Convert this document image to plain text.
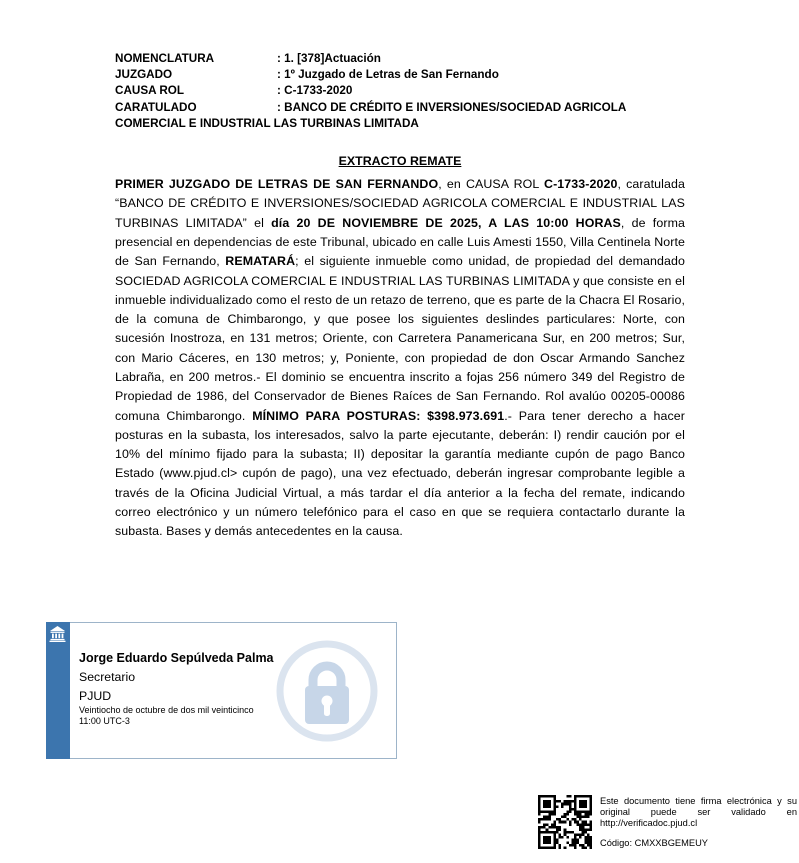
NOMENCLATURA	: 1. [378]Actuación
JUZGADO	: 1º Juzgado de Letras de San Fernando
CAUSA ROL	: C-1733-2020
CARATULADO	: BANCO DE CRÉDITO E INVERSIONES/SOCIEDAD AGRICOLA COMERCIAL E INDUSTRIAL LAS TURBINAS LIMITADA
EXTRACTO REMATE

PRIMER JUZGADO DE LETRAS DE SAN FERNANDO, en CAUSA ROL C-1733-2020, caratulada “BANCO DE CRÉDITO E INVERSIONES/SOCIEDAD AGRICOLA COMERCIAL E INDUSTRIAL LAS TURBINAS LIMITADA” el día 20 DE NOVIEMBRE DE 2025, A LAS 10:00 HORAS, de forma presencial en dependencias de este Tribunal, ubicado en calle Luis Amesti 1550, Villa Centinela Norte de San Fernando, REMATARÁ; el siguiente inmueble como unidad, de propiedad del demandado SOCIEDAD AGRICOLA COMERCIAL E INDUSTRIAL LAS TURBINAS LIMITADA y que consiste en el inmueble individualizado como el resto de un retazo de terreno, que es parte de la Chacra El Rosario, de la comuna de Chimbarongo, y que posee los siguientes deslindes particulares: Norte, con sucesión Inostroza, en 131 metros; Oriente, con Carretera Panamericana Sur, en 200 metros; Sur, con Mario Cáceres, en 130 metros; y, Poniente, con propiedad de don Oscar Armando Sanchez Labraña, en 200 metros.- El dominio se encuentra inscrito a fojas 256 número 349 del Registro de Propiedad de 1986, del Conservador de Bienes Raíces de San Fernando. Rol avalúo 00205-00086 comuna Chimbarongo. MÍNIMO PARA POSTURAS: $398.973.691.- Para tener derecho a hacer posturas en la subasta, los interesados, salvo la parte ejecutante, deberán: I) rendir caución por el 10% del mínimo fijado para la subasta; II) depositar la garantía mediante cupón de pago Banco Estado (www.pjud.cl> cupón de pago), una vez efectuado, deberán ingresar comprobante legible a través de la Oficina Judicial Virtual, a más tardar el día anterior a la fecha del remate, indicando correo electrónico y un número telefónico para el caso en que se requiera contactarlo durante la subasta. Bases y demás antecedentes en la causa.

Jorge Eduardo Sepúlveda Palma
Secretario
PJUD
Veintiocho de octubre de dos mil veinticinco
11:00 UTC-3
Este documento tiene firma electrónica y su original puede ser validado en http://verificadoc.pjud.cl
Código: CMXXBGEMEUY
